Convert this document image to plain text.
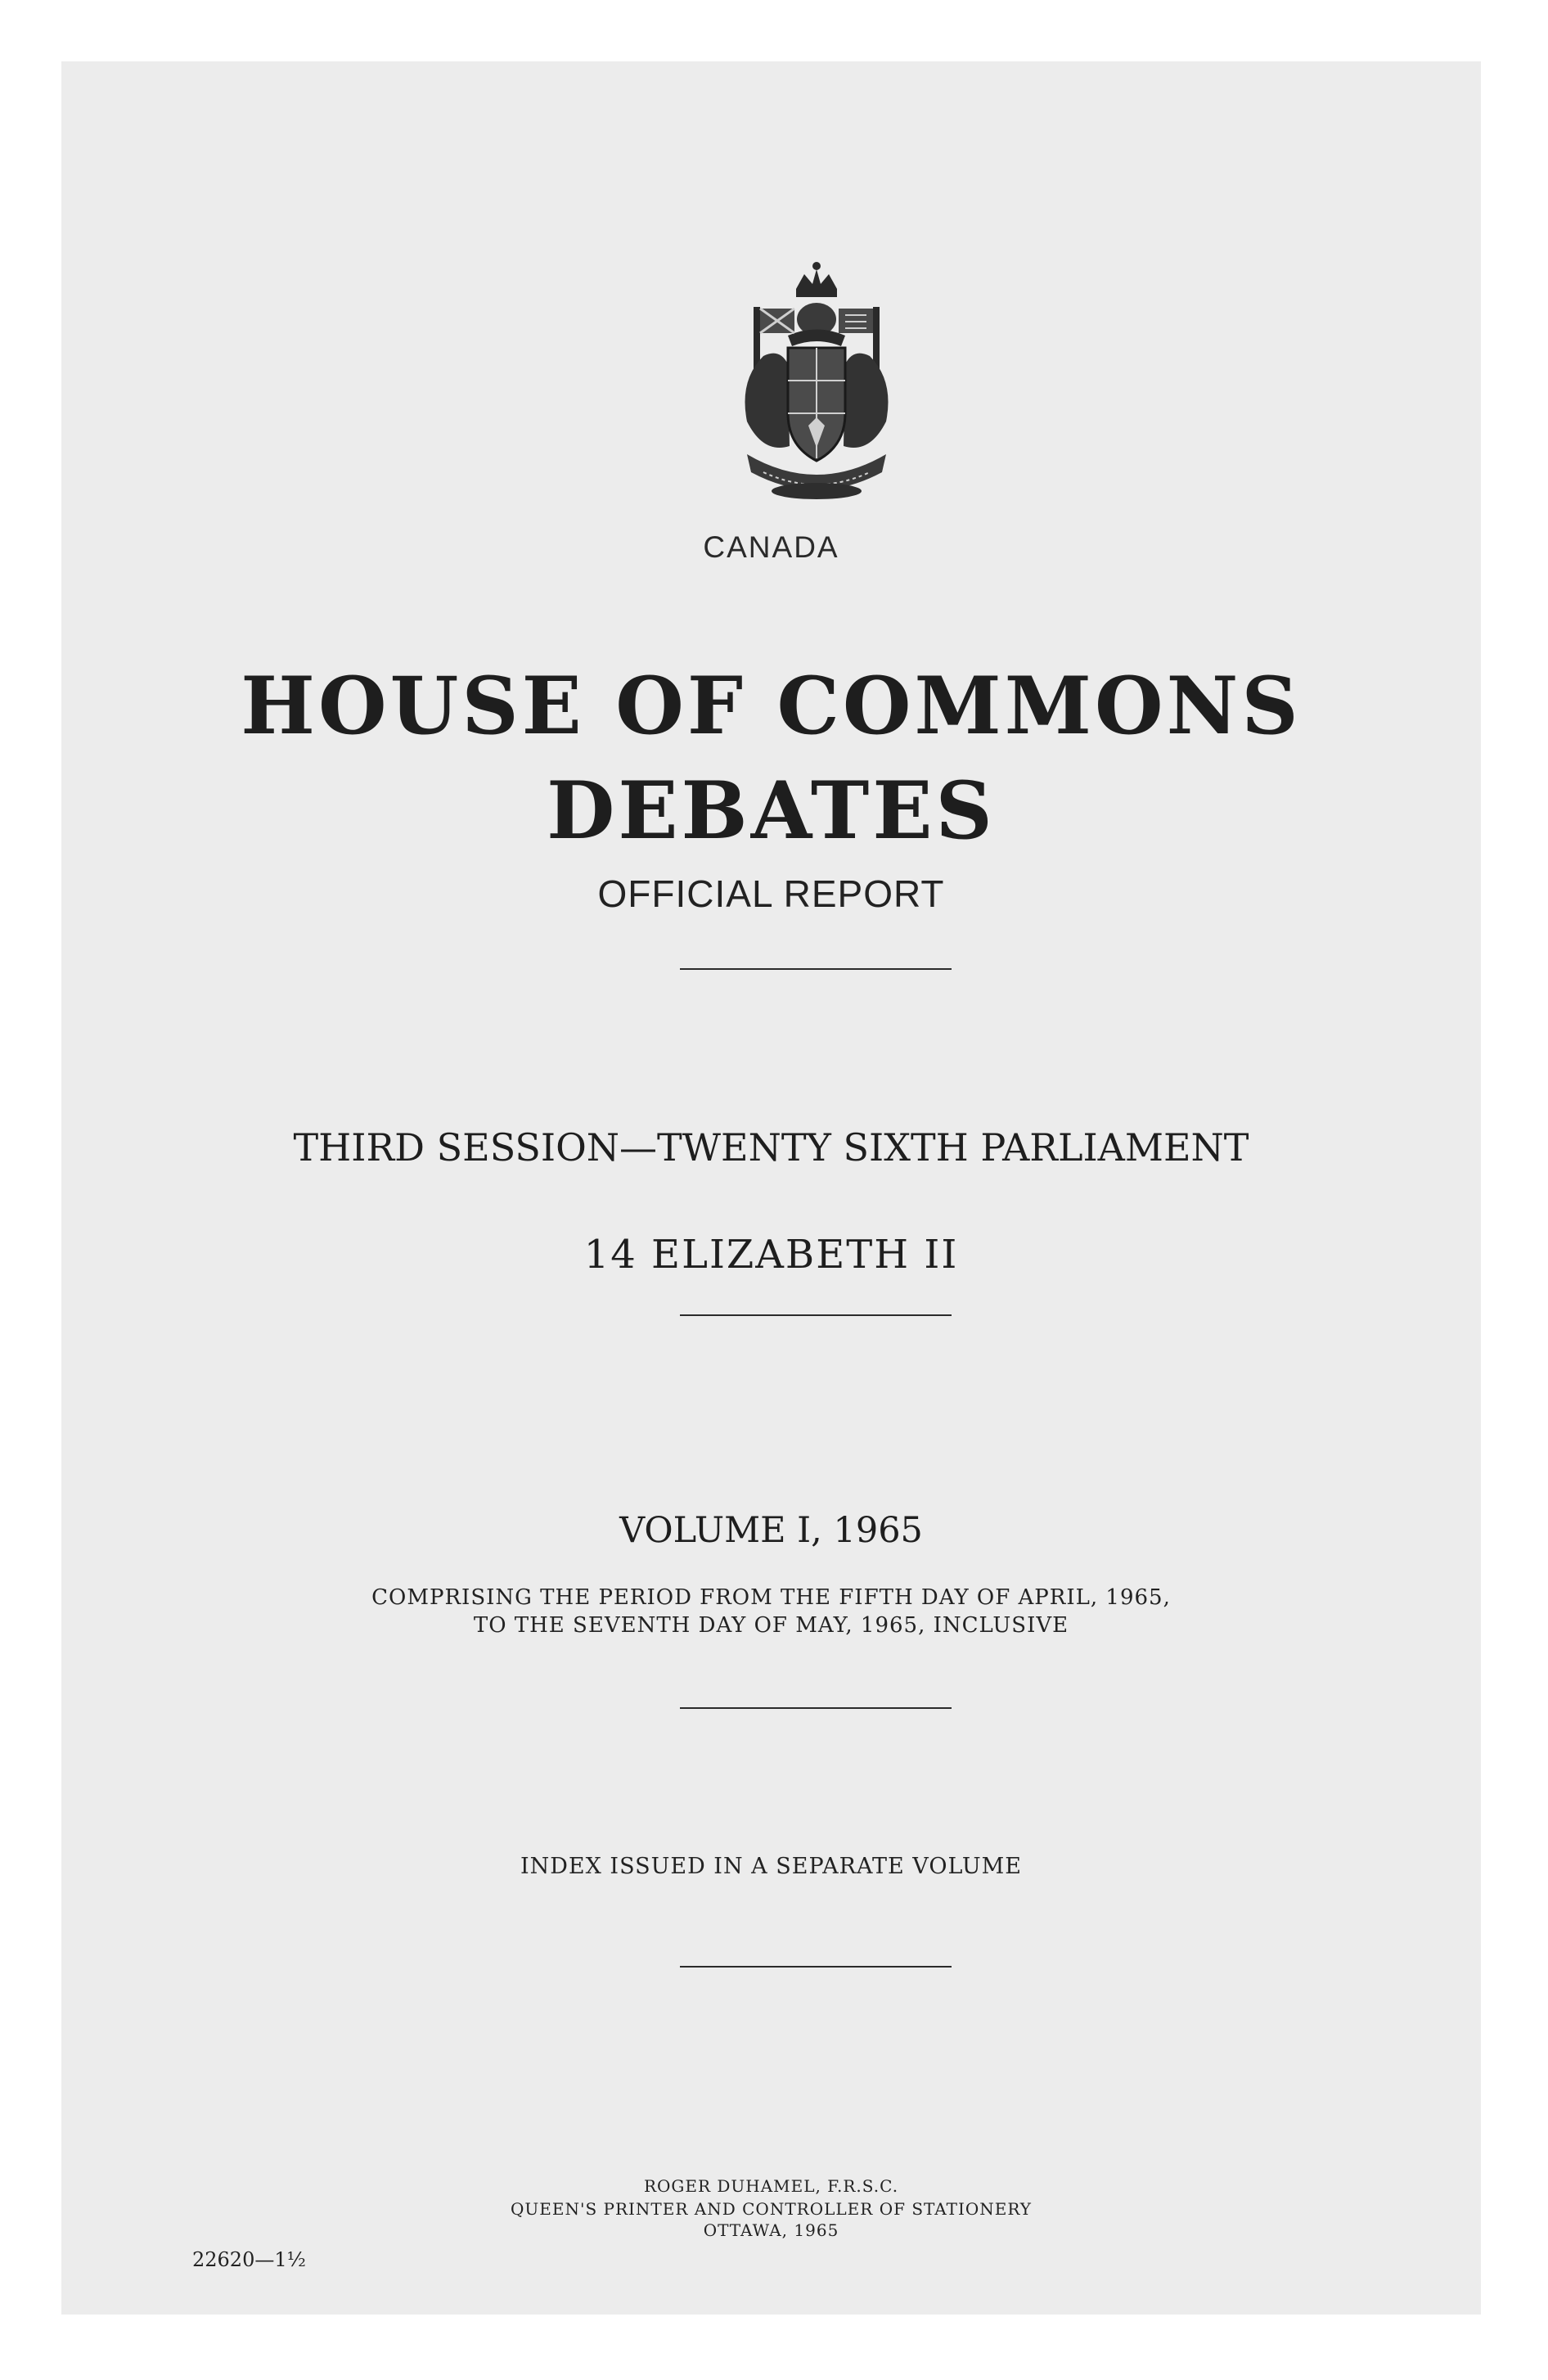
CANADA
HOUSE OF COMMONS
DEBATES
OFFICIAL REPORT
THIRD SESSION—TWENTY SIXTH PARLIAMENT
14 ELIZABETH II
VOLUME I, 1965
COMPRISING THE PERIOD FROM THE FIFTH DAY OF APRIL, 1965,
TO THE SEVENTH DAY OF MAY, 1965, INCLUSIVE
INDEX ISSUED IN A SEPARATE VOLUME
ROGER DUHAMEL, F.R.S.C.
QUEEN'S PRINTER AND CONTROLLER OF STATIONERY
OTTAWA, 1965
22620—1½
